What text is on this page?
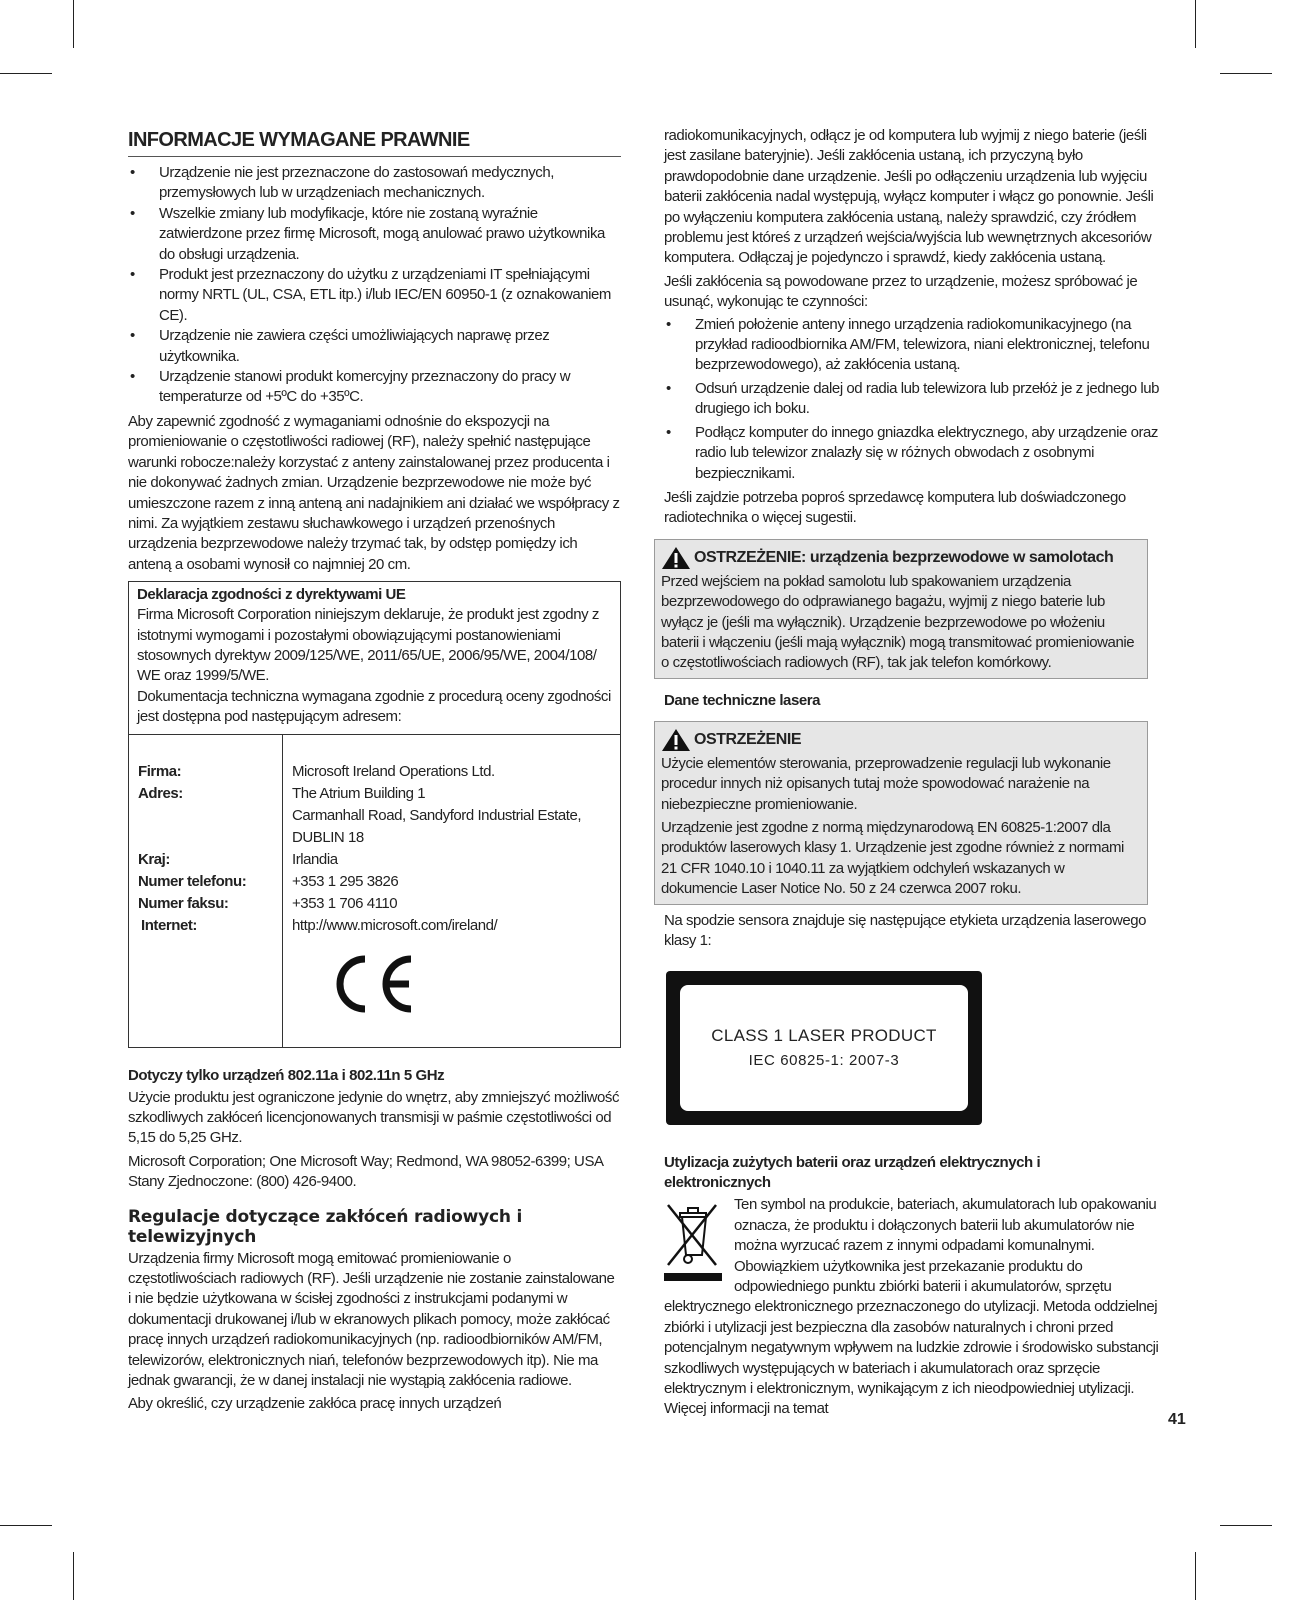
INFORMACJE WYMAGANE PRAWNIE
• Urządzenie nie jest przeznaczone do zastosowań medycznych, przemysłowych lub w urządzeniach mechanicznych.
• Wszelkie zmiany lub modyfikacje, które nie zostaną wyraźnie zatwierdzone przez firmę Microsoft, mogą anulować prawo użytkownika do obsługi urządzenia.
• Produkt jest przeznaczony do użytku z urządzeniami IT spełniającymi normy NRTL (UL, CSA, ETL itp.) i/lub IEC/EN 60950-1 (z oznakowaniem CE).
• Urządzenie nie zawiera części umożliwiających naprawę przez użytkownika.
• Urządzenie stanowi produkt komercyjny przeznaczony do pracy w temperaturze od +5ºC do +35ºC.

Aby zapewnić zgodność z wymaganiami odnośnie do ekspozycji na promieniowanie o częstotliwości radiowej (RF), należy spełnić następujące warunki robocze:należy korzystać z anteny zainstalowanej przez producenta i nie dokonywać żadnych zmian. Urządzenie bezprzewodowe nie może być umieszczone razem z inną anteną ani nadajnikiem ani działać we współpracy z nimi. Za wyjątkiem zestawu słuchawkowego i urządzeń przenośnych urządzenia bezprzewodowe należy trzymać tak, by odstęp pomiędzy ich anteną a osobami wynosił co najmniej 20 cm.

Deklaracja zgodności z dyrektywami UE

Firma Microsoft Corporation niniejszym deklaruje, że produkt jest zgodny z istotnymi wymogami i pozostałymi obowiązującymi postanowieniami stosownych dyrektyw 2009/125/WE, 2011/65/UE, 2006/95/WE, 2004/108/ WE oraz 1999/5/WE.

Dokumentacja techniczna wymagana zgodnie z procedurą oceny zgodności jest dostępna pod następującym adresem:

Firma:
Adres:
Kraj:
Numer telefonu:
Numer faksu:
Internet:
Microsoft Ireland Operations Ltd.
The Atrium Building 1
Carmanhall Road, Sandyford Industrial Estate, DUBLIN 18
Irlandia
+353 1 295 3826
+353 1 706 4110
http://www.microsoft.com/ireland/
Dotyczy tylko urządzeń 802.11a i 802.11n 5 GHz

Użycie produktu jest ograniczone jedynie do wnętrz, aby zmniejszyć możliwość szkodliwych zakłóceń licencjonowanych transmisji w paśmie częstotliwości od 5,15 do 5,25 GHz.

Microsoft Corporation; One Microsoft Way; Redmond, WA 98052-6399; USA Stany Zjednoczone: (800) 426-9400.

Regulacje dotyczące zakłóceń radiowych i telewizyjnych

Urządzenia firmy Microsoft mogą emitować promieniowanie o częstotliwościach radiowych (RF). Jeśli urządzenie nie zostanie zainstalowane i nie będzie użytkowana w ścisłej zgodności z instrukcjami podanymi w dokumentacji drukowanej i/lub w ekranowych plikach pomocy, może zakłócać pracę innych urządzeń radiokomunikacyjnych (np. radioodbiorników AM/FM, telewizorów, elektronicznych niań, telefonów bezprzewodowych itp). Nie ma jednak gwarancji, że w danej instalacji nie wystąpią zakłócenia radiowe.

Aby określić, czy urządzenie zakłóca pracę innych urządzeń

radiokomunikacyjnych, odłącz je od komputera lub wyjmij z niego baterie (jeśli jest zasilane bateryjnie). Jeśli zakłócenia ustaną, ich przyczyną było prawdopodobnie dane urządzenie. Jeśli po odłączeniu urządzenia lub wyjęciu baterii zakłócenia nadal występują, wyłącz komputer i włącz go ponownie. Jeśli po wyłączeniu komputera zakłócenia ustaną, należy sprawdzić, czy źródłem problemu jest któreś z urządzeń wejścia/wyjścia lub wewnętrznych akcesoriów komputera. Odłączaj je pojedynczo i sprawdź, kiedy zakłócenia ustaną.

Jeśli zakłócenia są powodowane przez to urządzenie, możesz spróbować je usunąć, wykonując te czynności:

• Zmień położenie anteny innego urządzenia radiokomunikacyjnego (na przykład radioodbiornika AM/FM, telewizora, niani elektronicznej, telefonu bezprzewodowego), aż zakłócenia ustaną.
• Odsuń urządzenie dalej od radia lub telewizora lub przełóż je z jednego lub drugiego ich boku.
• Podłącz komputer do innego gniazdka elektrycznego, aby urządzenie oraz radio lub telewizor znalazły się w różnych obwodach z osobnymi bezpiecznikami.

Jeśli zajdzie potrzeba poproś sprzedawcę komputera lub doświadczonego radiotechnika o więcej sugestii.

OSTRZEŻENIE: urządzenia bezprzewodowe w samolotach

Przed wejściem na pokład samolotu lub spakowaniem urządzenia bezprzewodowego do odprawianego bagażu, wyjmij z niego baterie lub wyłącz je (jeśli ma wyłącznik). Urządzenie bezprzewodowe po włożeniu baterii i włączeniu (jeśli mają wyłącznik) mogą transmitować promieniowanie o częstotliwościach radiowych (RF), tak jak telefon komórkowy.

Dane techniczne lasera
OSTRZEŻENIE

Użycie elementów sterowania, przeprowadzenie regulacji lub wykonanie procedur innych niż opisanych tutaj może spowodować narażenie na niebezpieczne promieniowanie.

Urządzenie jest zgodne z normą międzynarodową EN 60825-1:2007 dla produktów laserowych klasy 1. Urządzenie jest zgodne również z normami 21 CFR 1040.10 i 1040.11 za wyjątkiem odchyleń wskazanych w dokumencie Laser Notice No. 50 z 24 czerwca 2007 roku.

Na spodzie sensora znajduje się następujące etykieta urządzenia laserowego klasy 1:

CLASS 1 LASER PRODUCT
IEC 60825-1: 2007-3
Utylizacja zużytych baterii oraz urządzeń elektrycznych i elektronicznych

Ten symbol na produkcie, bateriach, akumulatorach lub opakowaniu oznacza, że produktu i dołączonych baterii lub akumulatorów nie można wyrzucać razem z innymi odpadami komunalnymi. Obowiązkiem użytkownika jest przekazanie produktu do odpowiedniego punktu zbiórki baterii i akumulatorów, sprzętu elektrycznego elektronicznego przeznaczonego do utylizacji. Metoda oddzielnej zbiórki i utylizacji jest bezpieczna dla zasobów naturalnych i chroni przed potencjalnym negatywnym wpływem na ludzkie zdrowie i środowisko substancji szkodliwych występujących w bateriach i akumulatorach oraz sprzęcie elektrycznym i elektronicznym, wynikającym z ich nieodpowiedniej utylizacji. Więcej informacji na temat

41
